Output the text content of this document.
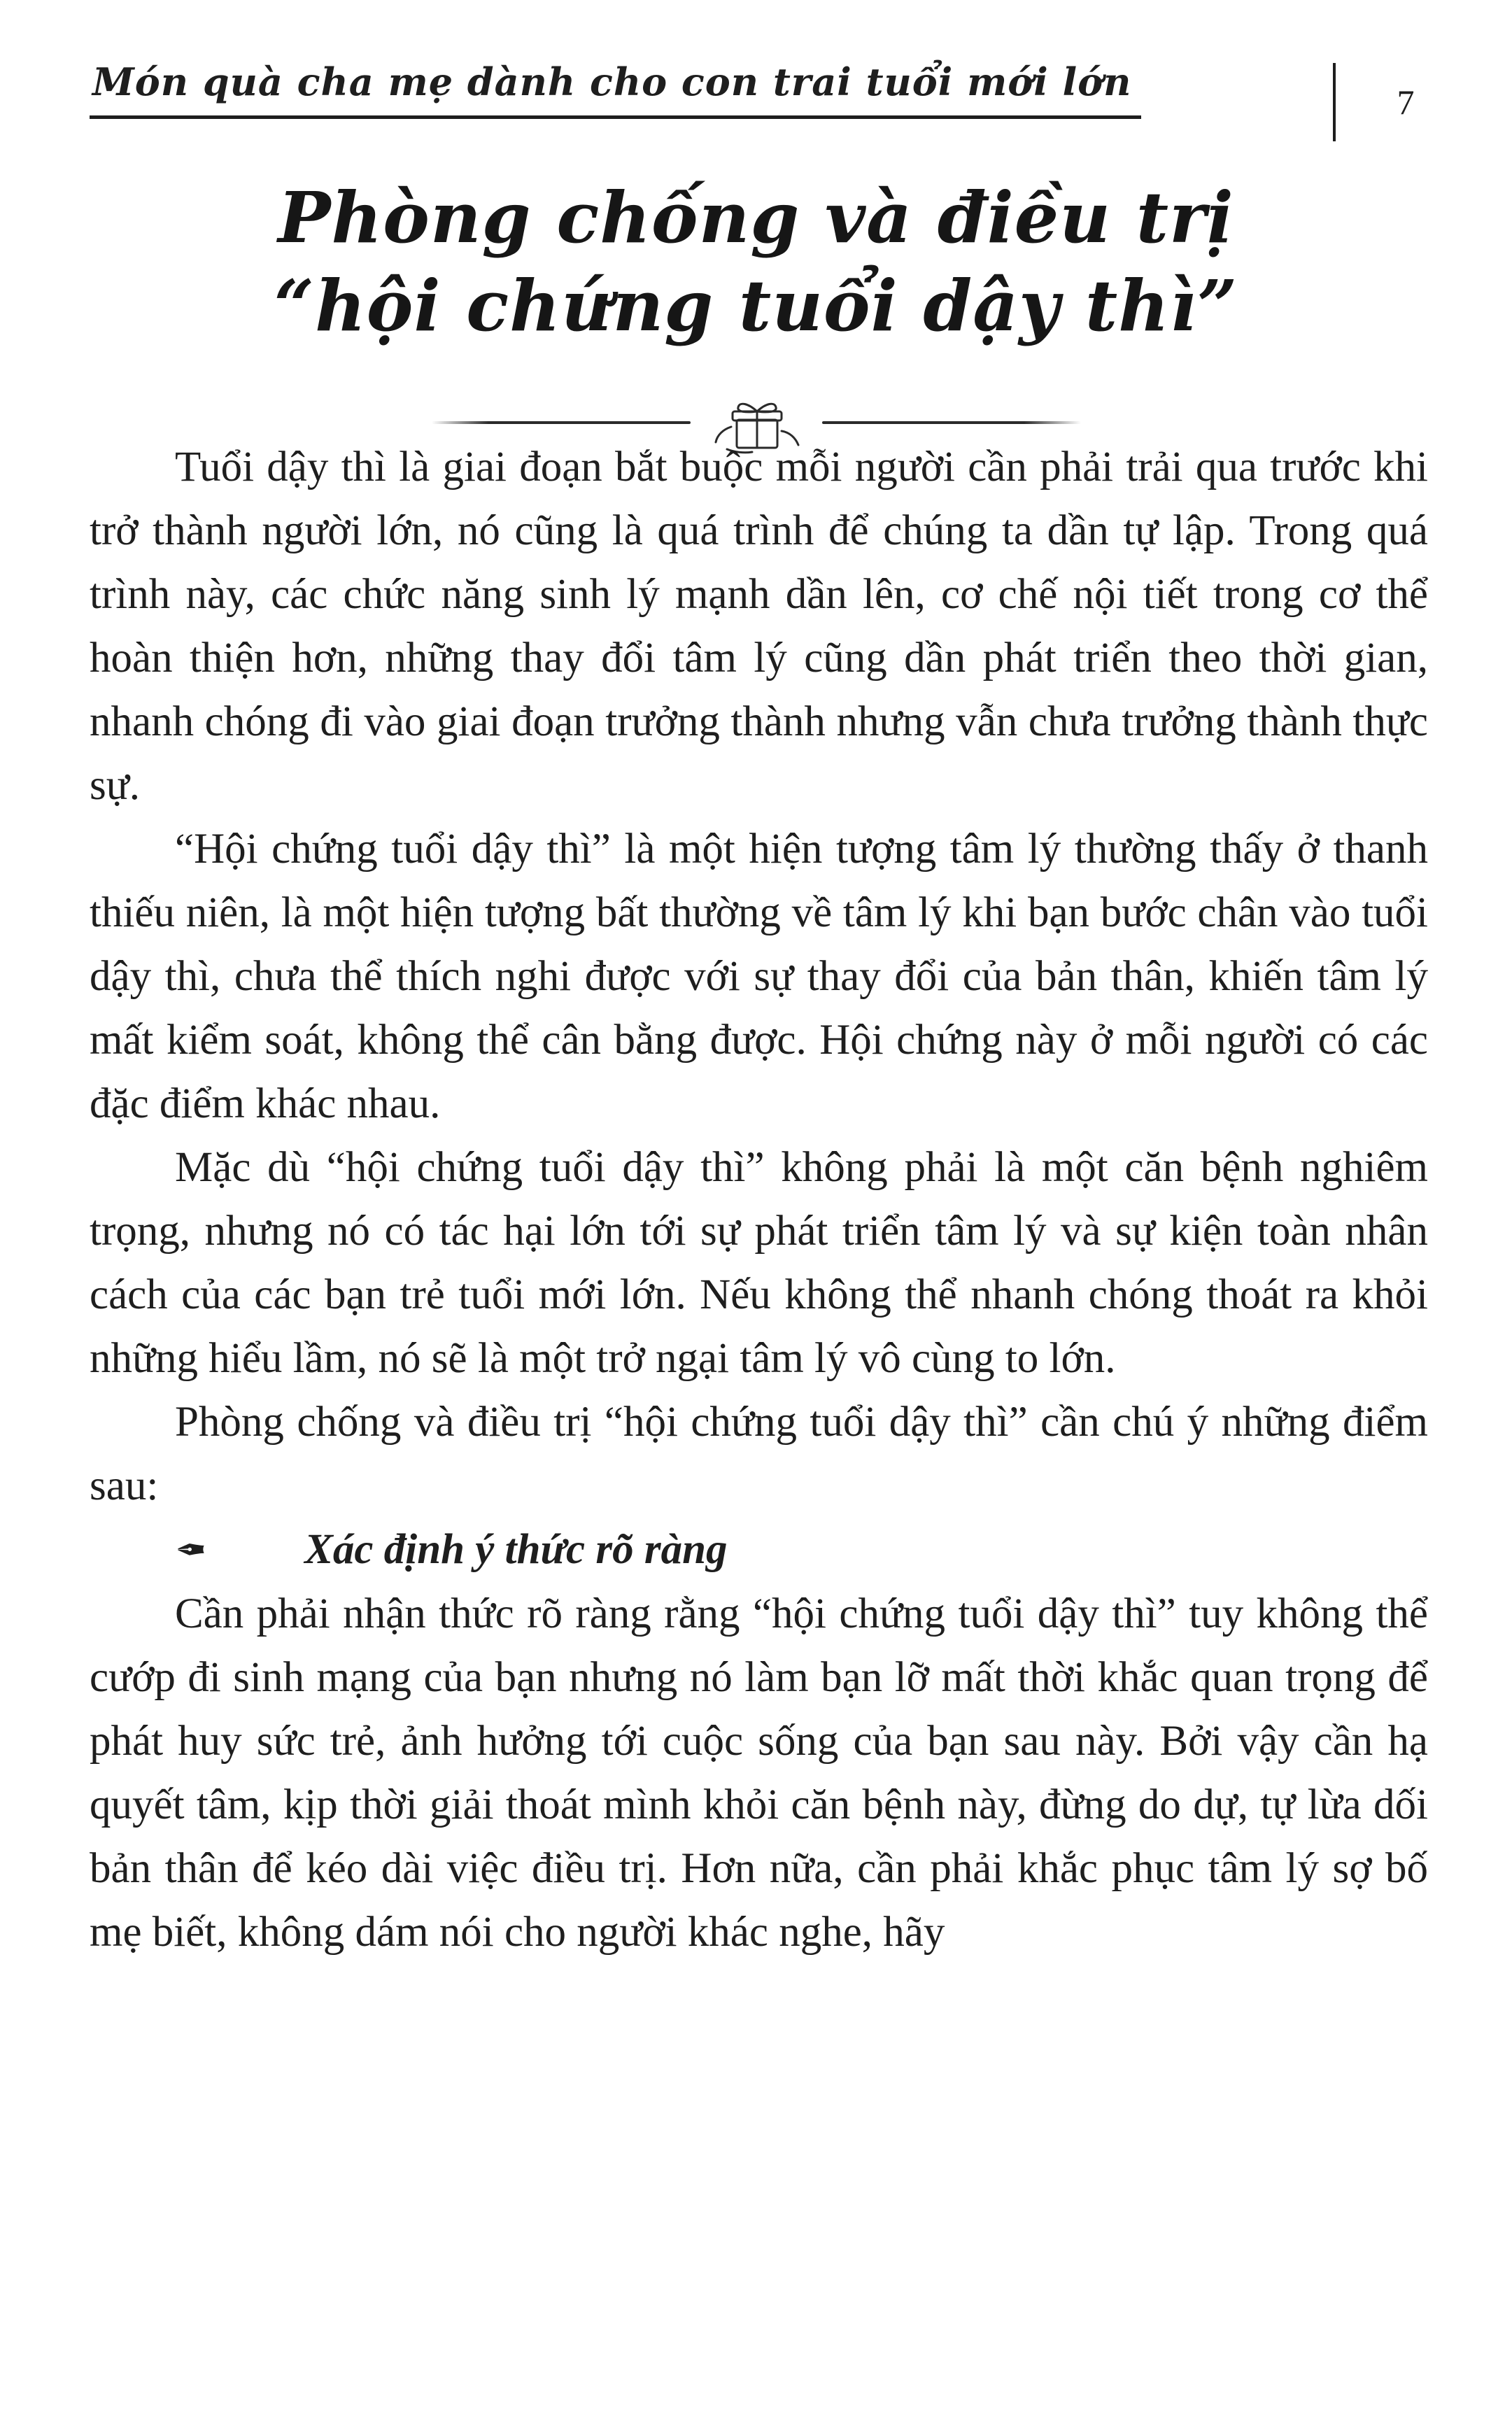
Món quà cha mẹ dành cho con trai tuổi mới lớn	7
Phòng chống và điều trị
“hội chứng tuổi dậy thì”

Tuổi dậy thì là giai đoạn bắt buộc mỗi người cần phải trải qua trước khi trở thành người lớn, nó cũng là quá trình để chúng ta dần tự lập. Trong quá trình này, các chức năng sinh lý mạnh dần lên, cơ chế nội tiết trong cơ thể hoàn thiện hơn, những thay đổi tâm lý cũng dần phát triển theo thời gian, nhanh chóng đi vào giai đoạn trưởng thành nhưng vẫn chưa trưởng thành thực sự.

“Hội chứng tuổi dậy thì” là một hiện tượng tâm lý thường thấy ở thanh thiếu niên, là một hiện tượng bất thường về tâm lý khi bạn bước chân vào tuổi dậy thì, chưa thể thích nghi được với sự thay đổi của bản thân, khiến tâm lý mất kiểm soát, không thể cân bằng được. Hội chứng này ở mỗi người có các đặc điểm khác nhau.

Mặc dù “hội chứng tuổi dậy thì” không phải là một căn bệnh nghiêm trọng, nhưng nó có tác hại lớn tới sự phát triển tâm lý và sự kiện toàn nhân cách của các bạn trẻ tuổi mới lớn. Nếu không thể nhanh chóng thoát ra khỏi những hiểu lầm, nó sẽ là một trở ngại tâm lý vô cùng to lớn.

Phòng chống và điều trị “hội chứng tuổi dậy thì” cần chú ý những điểm sau:

✒ Xác định ý thức rõ ràng

Cần phải nhận thức rõ ràng rằng “hội chứng tuổi dậy thì” tuy không thể cướp đi sinh mạng của bạn nhưng nó làm bạn lỡ mất thời khắc quan trọng để phát huy sức trẻ, ảnh hưởng tới cuộc sống của bạn sau này. Bởi vậy cần hạ quyết tâm, kịp thời giải thoát mình khỏi căn bệnh này, đừng do dự, tự lừa dối bản thân để kéo dài việc điều trị. Hơn nữa, cần phải khắc phục tâm lý sợ bố mẹ biết, không dám nói cho người khác nghe, hãy
